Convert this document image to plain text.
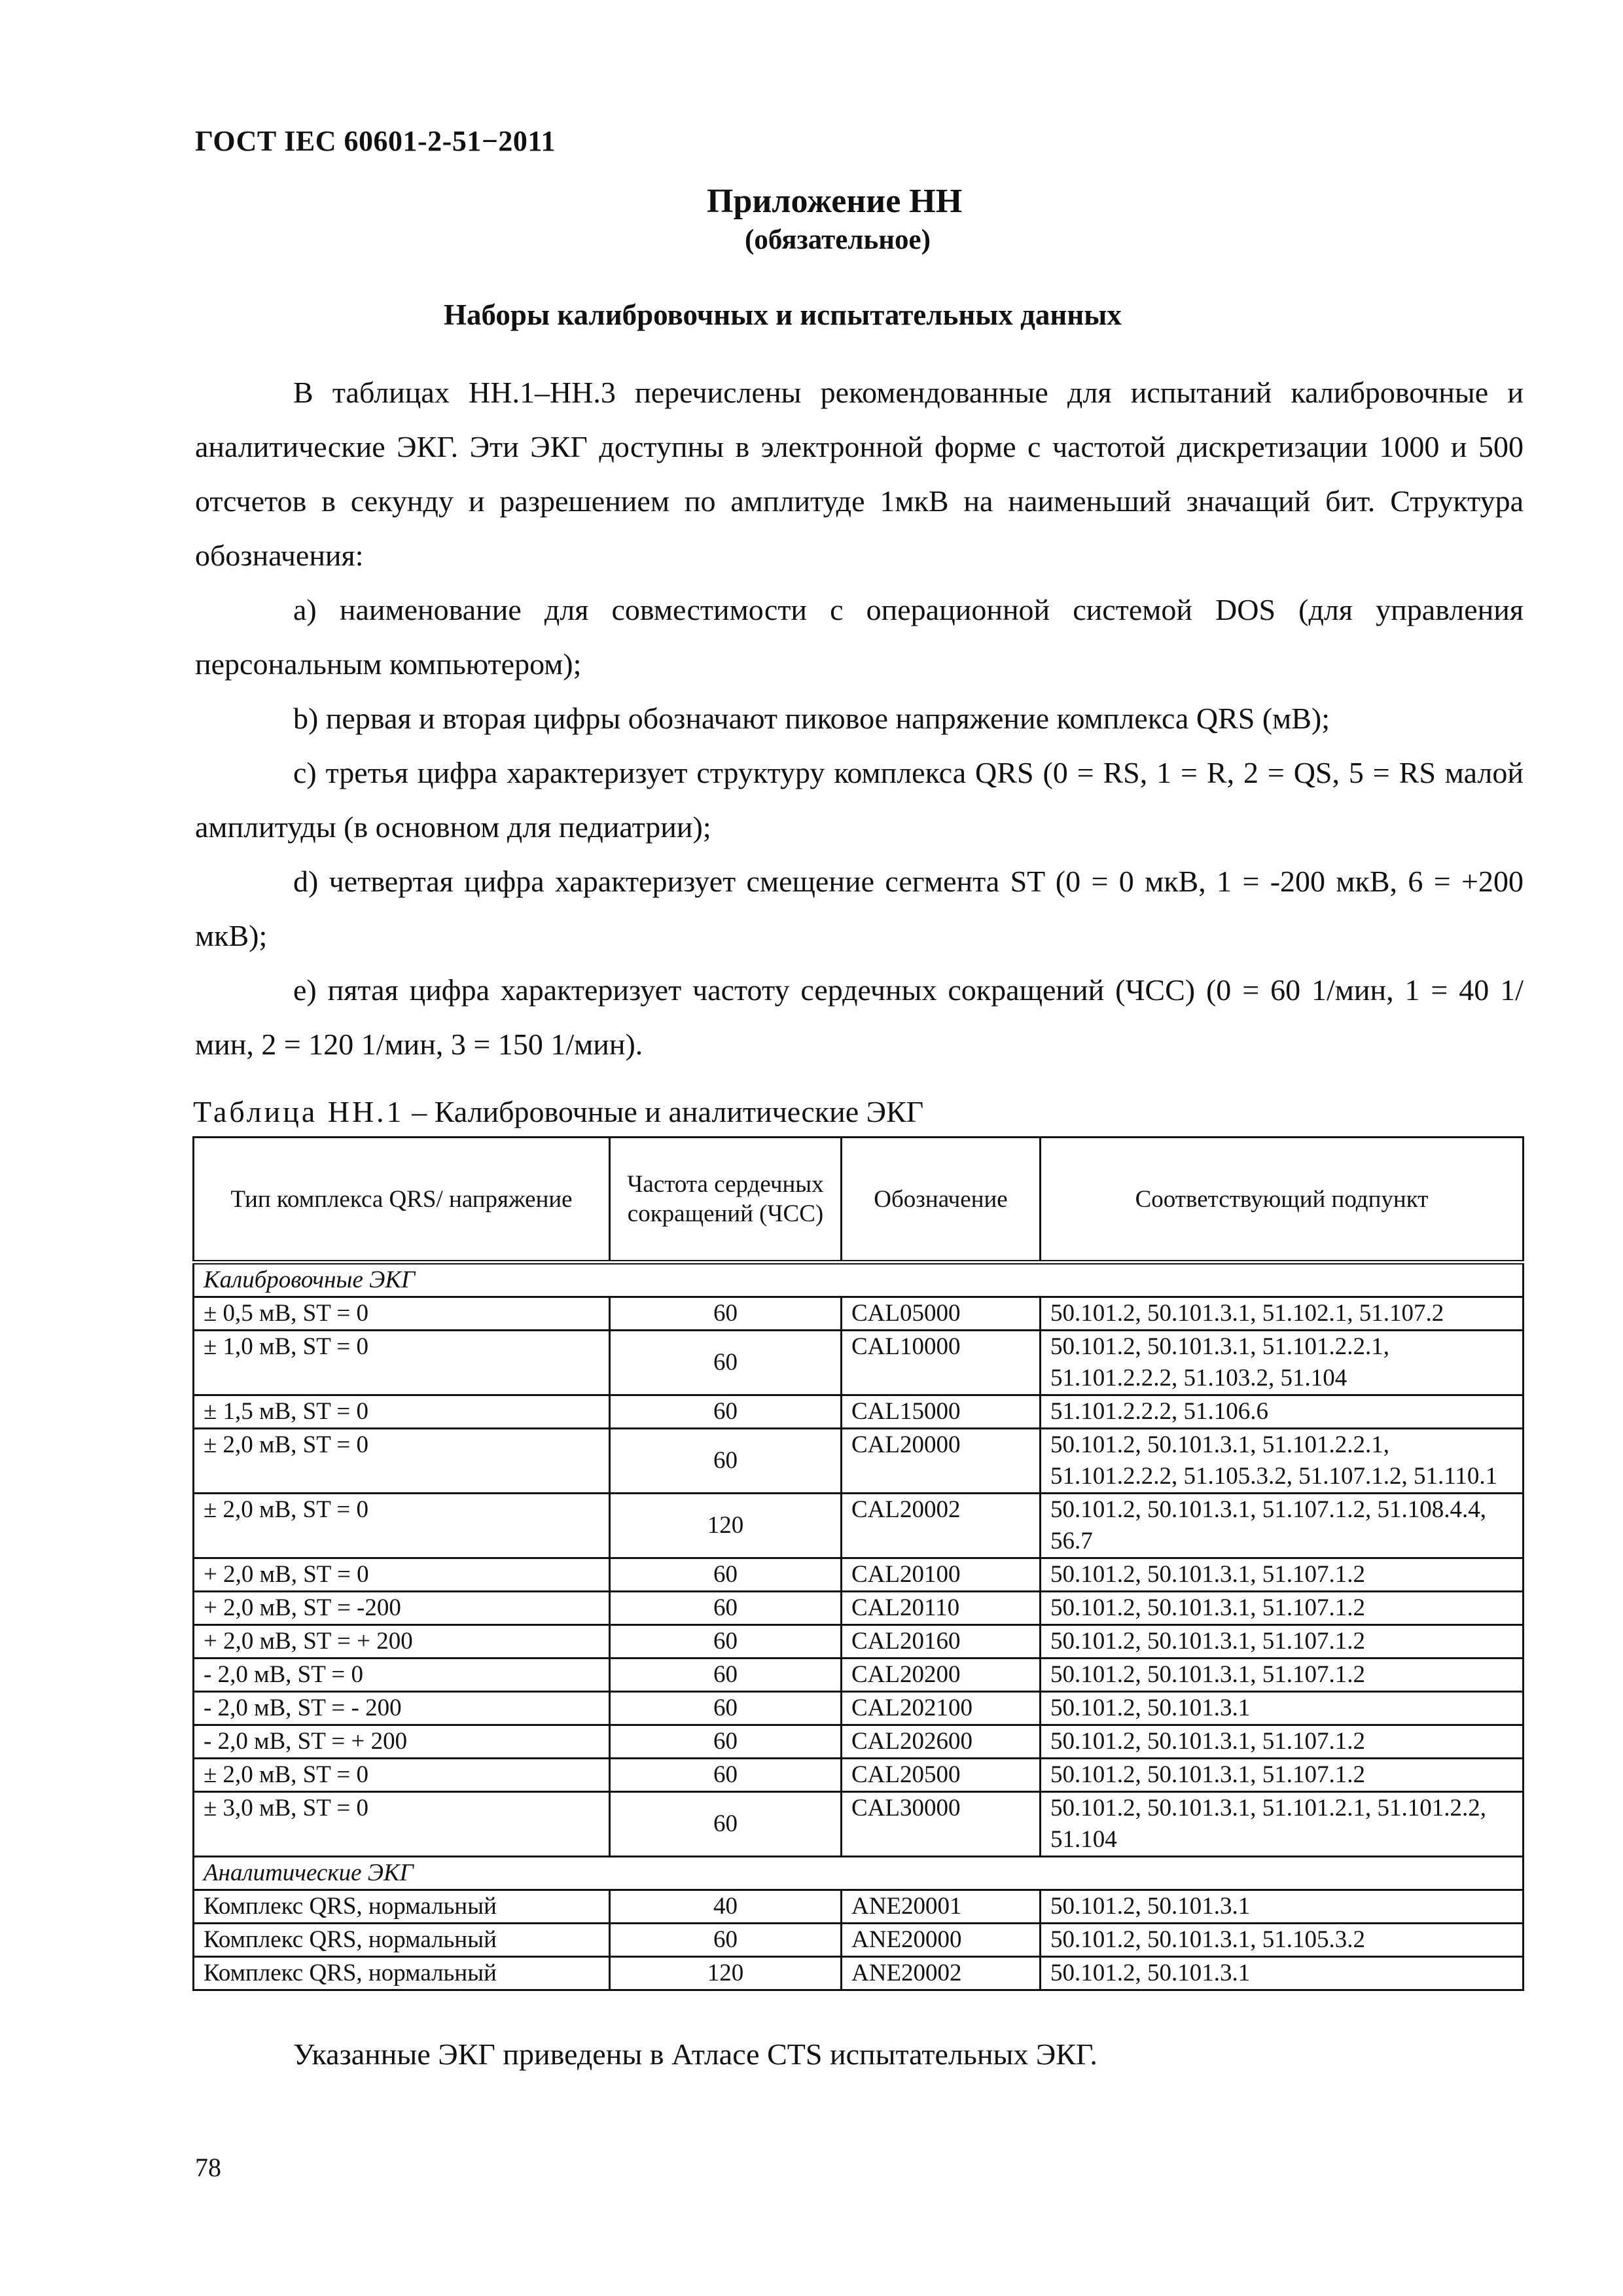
ГОСТ IEC 60601-2-51−2011
Приложение НН
(обязательное)
Наборы калибровочных и испытательных данных

В таблицах НН.1–НН.3 перечислены рекомендованные для испытаний калибровочные и аналитические ЭКГ. Эти ЭКГ доступны в электронной форме с частотой дискретизации 1000 и 500 отсчетов в секунду и разрешением по амплитуде 1мкВ на наименьший значащий бит. Структура обозначения:

a) наименование для совместимости с операционной системой DOS (для управления персональным компьютером);

b) первая и вторая цифры обозначают пиковое напряжение комплекса QRS (мВ);

c) третья цифра характеризует структуру комплекса QRS (0 = RS, 1 = R, 2 = QS, 5 = RS малой амплитуды (в основном для педиатрии);

d) четвертая цифра характеризует смещение сегмента ST (0 = 0 мкВ, 1 = -200 мкВ, 6 = +200 мкВ);

e) пятая цифра характеризует частоту сердечных сокращений (ЧСС) (0 = 60 1/мин, 1 = 40 1/мин, 2 = 120 1/мин, 3 = 150 1/мин).

Таблица НН.1 – Калибровочные и аналитические ЭКГ
Тип комплекса QRS/ напряжение	Частота сердечных сокращений (ЧСС)	Обозначение	Соответствующий подпункт
Калибровочные ЭКГ			
± 0,5 мВ, ST = 0	60	CAL05000	50.101.2, 50.101.3.1, 51.102.1, 51.107.2
± 1,0 мВ, ST = 0	60	CAL10000	50.101.2, 50.101.3.1, 51.101.2.2.1, 51.101.2.2.2, 51.103.2, 51.104
± 1,5 мВ, ST = 0	60	CAL15000	51.101.2.2.2, 51.106.6
± 2,0 мВ, ST = 0	60	CAL20000	50.101.2, 50.101.3.1, 51.101.2.2.1, 51.101.2.2.2, 51.105.3.2, 51.107.1.2, 51.110.1
± 2,0 мВ, ST = 0	120	CAL20002	50.101.2, 50.101.3.1, 51.107.1.2, 51.108.4.4, 56.7
+ 2,0 мВ, ST = 0	60	CAL20100	50.101.2, 50.101.3.1, 51.107.1.2
+ 2,0 мВ, ST = -200	60	CAL20110	50.101.2, 50.101.3.1, 51.107.1.2
+ 2,0 мВ, ST = + 200	60	CAL20160	50.101.2, 50.101.3.1, 51.107.1.2
- 2,0 мВ, ST = 0	60	CAL20200	50.101.2, 50.101.3.1, 51.107.1.2
- 2,0 мВ, ST = - 200	60	CAL202100	50.101.2, 50.101.3.1
- 2,0 мВ, ST = + 200	60	CAL202600	50.101.2, 50.101.3.1, 51.107.1.2
± 2,0 мВ, ST = 0	60	CAL20500	50.101.2, 50.101.3.1, 51.107.1.2
± 3,0 мВ, ST = 0	60	CAL30000	50.101.2, 50.101.3.1, 51.101.2.1, 51.101.2.2, 51.104
Аналитические ЭКГ			
Комплекс QRS, нормальный	40	ANE20001	50.101.2, 50.101.3.1
Комплекс QRS, нормальный	60	ANE20000	50.101.2, 50.101.3.1, 51.105.3.2
Комплекс QRS, нормальный	120	ANE20002	50.101.2, 50.101.3.1
Указанные ЭКГ приведены в Атласе CTS испытательных ЭКГ.
78
